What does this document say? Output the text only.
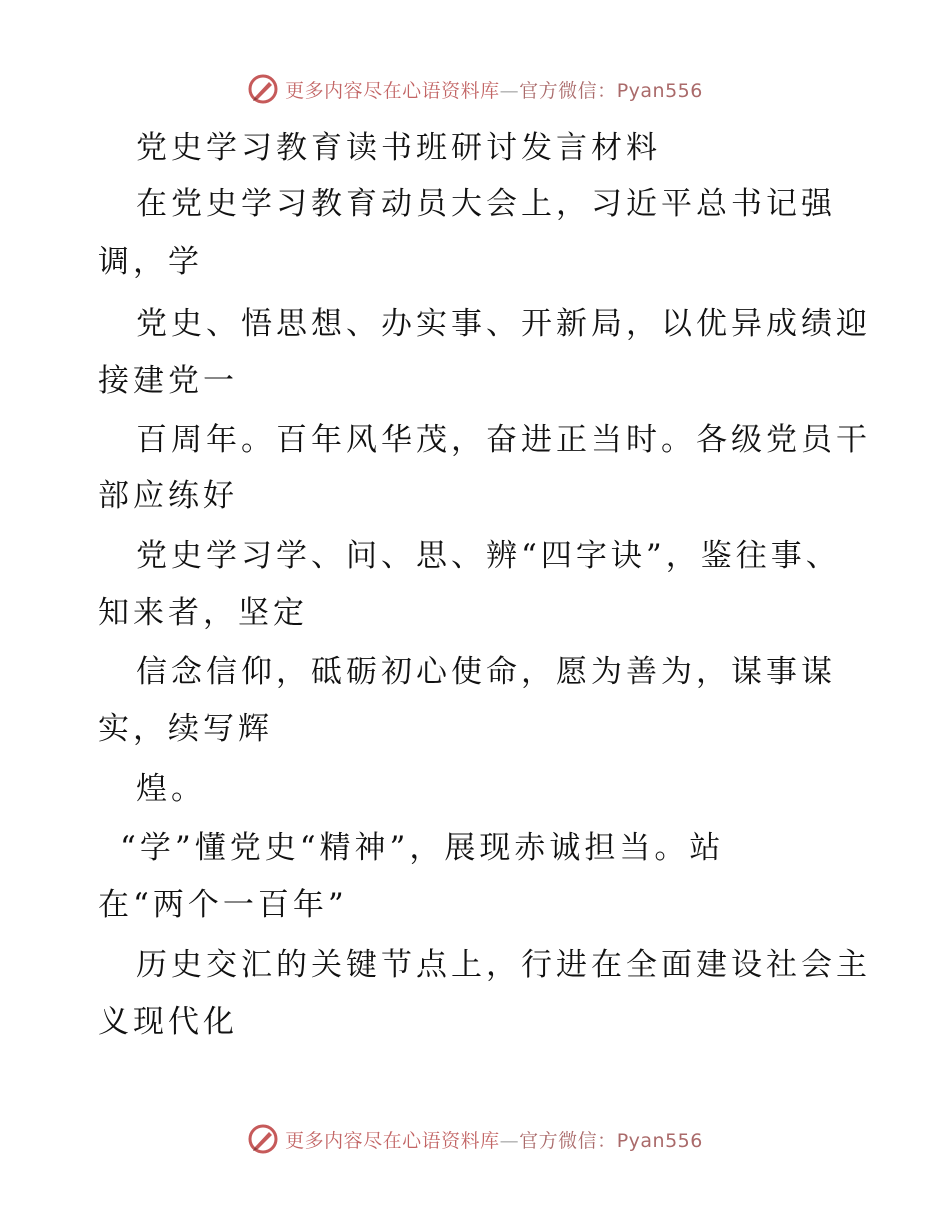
更多内容尽在心语资料库—官方微信：Pyan556
党史学习教育读书班研讨发言材料
在党史学习教育动员大会上，习近平总书记强
调，学
党史、悟思想、办实事、开新局，以优异成绩迎
接建党一
百周年。百年风华茂，奋进正当时。各级党员干
部应练好
党史学习学、问、思、辨“四字诀”，鉴往事、
知来者，坚定
信念信仰，砥砺初心使命，愿为善为，谋事谋
实，续写辉
煌。
“学”懂党史“精神”，展现赤诚担当。站
在“两个一百年”
历史交汇的关键节点上，行进在全面建设社会主
义现代化
更多内容尽在心语资料库—官方微信：Pyan556
